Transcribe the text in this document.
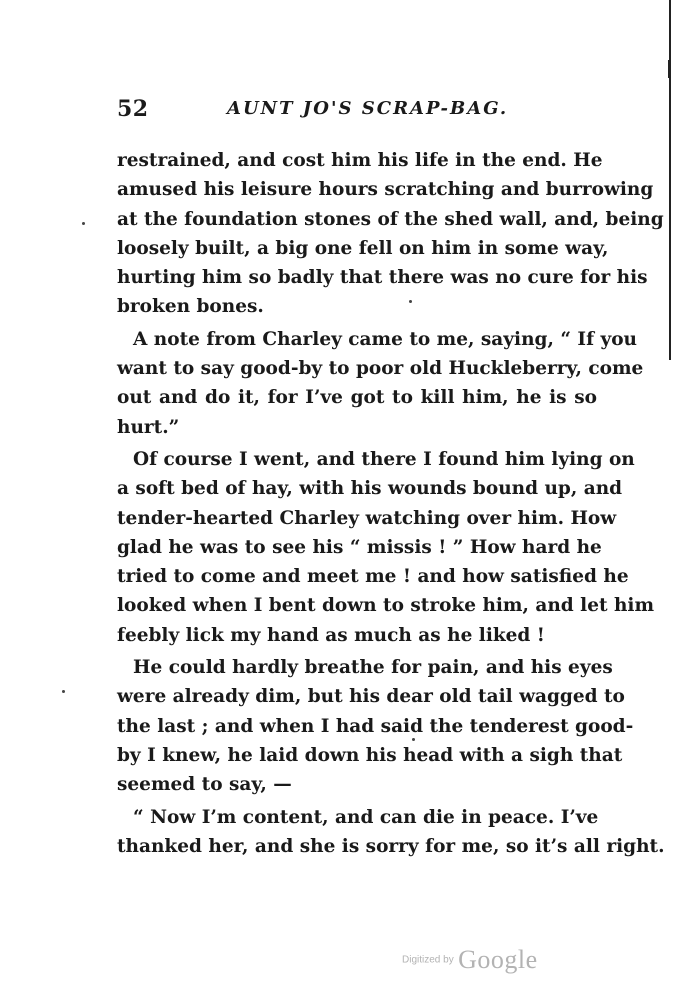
52	AUNT JO'S SCRAP-BAG.
restrained, and cost him his life in the end. He
amused his leisure hours scratching and burrowing
at the foundation stones of the shed wall, and, being
loosely built, a big one fell on him in some way,
hurting him so badly that there was no cure for his
broken bones.
A note from Charley came to me, saying, “ If you
want to say good-by to poor old Huckleberry, come
out and do it, for I’ve got to kill him, he is so
hurt.”
Of course I went, and there I found him lying on
a soft bed of hay, with his wounds bound up, and
tender-hearted Charley watching over him. How
glad he was to see his “ missis ! ” How hard he
tried to come and meet me ! and how satisfied he
looked when I bent down to stroke him, and let him
feebly lick my hand as much as he liked !
He could hardly breathe for pain, and his eyes
were already dim, but his dear old tail wagged to
the last ; and when I had said the tenderest good-
by I knew, he laid down his head with a sigh that
seemed to say, —
“ Now I’m content, and can die in peace. I’ve
thanked her, and she is sorry for me, so it’s all right.
Digitized by Google
